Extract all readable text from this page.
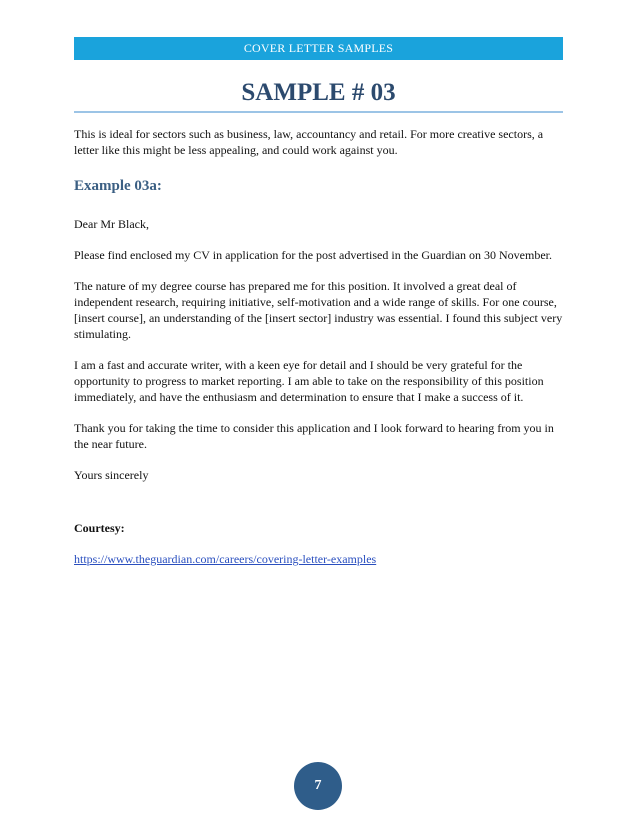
COVER LETTER SAMPLES
SAMPLE # 03

This is ideal for sectors such as business, law, accountancy and retail. For more creative sectors, a letter like this might be less appealing, and could work against you.

Example 03a:

Dear Mr Black,

Please find enclosed my CV in application for the post advertised in the Guardian on 30 November.

The nature of my degree course has prepared me for this position. It involved a great deal of independent research, requiring initiative, self-motivation and a wide range of skills. For one course, [insert course], an understanding of the [insert sector] industry was essential. I found this subject very stimulating.

I am a fast and accurate writer, with a keen eye for detail and I should be very grateful for the opportunity to progress to market reporting. I am able to take on the responsibility of this position immediately, and have the enthusiasm and determination to ensure that I make a success of it.

Thank you for taking the time to consider this application and I look forward to hearing from you in the near future.

Yours sincerely

Courtesy:

https://www.theguardian.com/careers/covering-letter-examples

7
